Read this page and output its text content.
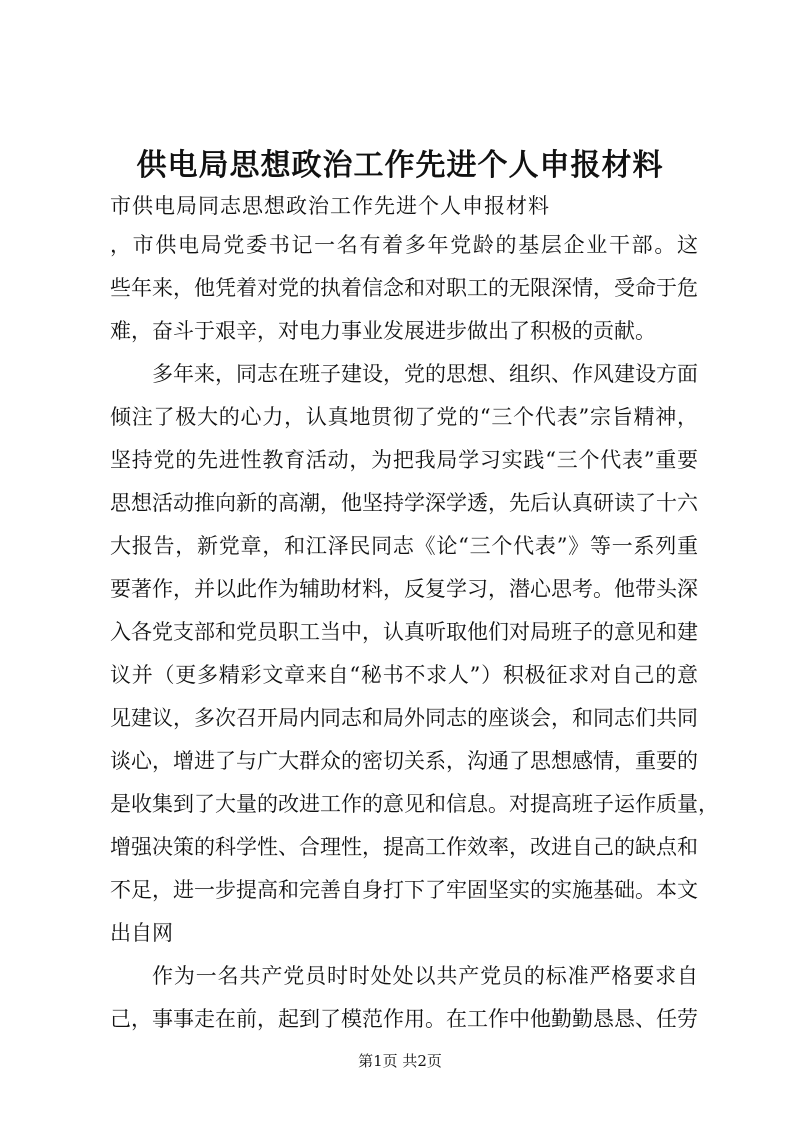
供电局思想政治工作先进个人申报材料
市供电局同志思想政治工作先进个人申报材料
，市供电局党委书记一名有着多年党龄的基层企业干部。这
些年来，他凭着对党的执着信念和对职工的无限深情，受命于危
难，奋斗于艰辛，对电力事业发展进步做出了积极的贡献。
多年来，同志在班子建设，党的思想、组织、作风建设方面
倾注了极大的心力，认真地贯彻了党的“三个代表”宗旨精神，
坚持党的先进性教育活动，为把我局学习实践“三个代表”重要
思想活动推向新的高潮，他坚持学深学透，先后认真研读了十六
大报告，新党章，和江泽民同志《论“三个代表”》等一系列重
要著作，并以此作为辅助材料，反复学习，潜心思考。他带头深
入各党支部和党员职工当中，认真听取他们对局班子的意见和建
议并（更多精彩文章来自“秘书不求人”）积极征求对自己的意
见建议，多次召开局内同志和局外同志的座谈会，和同志们共同
谈心，增进了与广大群众的密切关系，沟通了思想感情，重要的
是收集到了大量的改进工作的意见和信息。对提高班子运作质量，
增强决策的科学性、合理性，提高工作效率，改进自己的缺点和
不足，进一步提高和完善自身打下了牢固坚实的实施基础。本文
出自网
作为一名共产党员时时处处以共产党员的标准严格要求自
己，事事走在前，起到了模范作用。在工作中他勤勤恳恳、任劳
第1页 共2页
